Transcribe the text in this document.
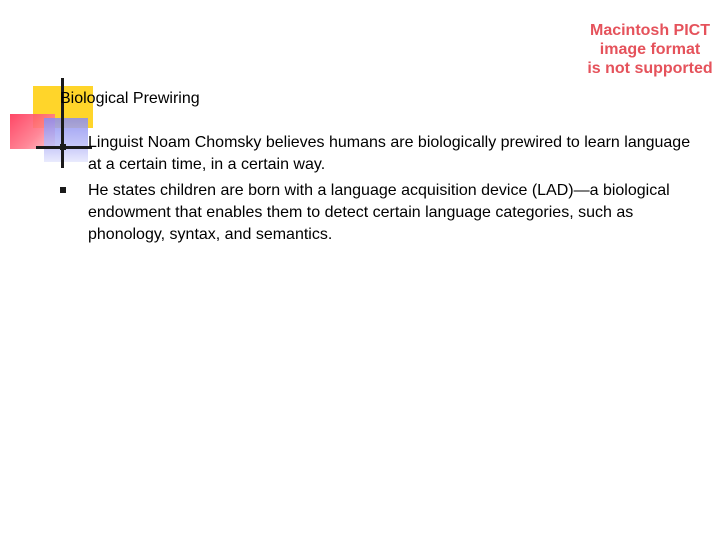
Biological Prewiring
Linguist Noam Chomsky believes humans are biologically prewired to learn language at a certain time, in a certain way.
He states children are born with a language acquisition device (LAD)—a biological endowment that enables them to detect certain language categories, such as phonology, syntax, and semantics.
Macintosh PICT
image format
is not supported
